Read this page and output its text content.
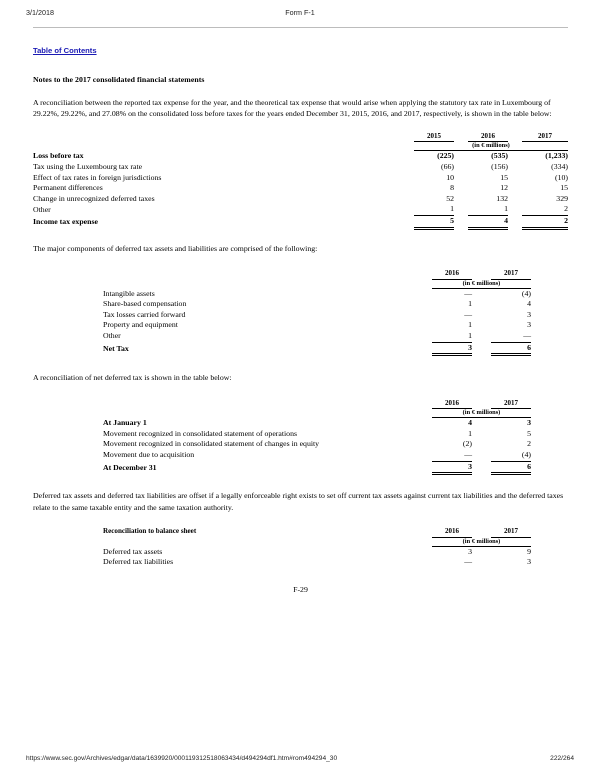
3/1/2018	Form F-1
Table of Contents
Notes to the 2017 consolidated financial statements

A reconciliation between the reported tax expense for the year, and the theoretical tax expense that would arise when applying the statutory tax rate in Luxembourg of 29.22%, 29.22%, and 27.08% on the consolidated loss before taxes for the years ended December 31, 2015, 2016, and 2017, respectively, is shown in the table below:

		2015		2016		2017
		(in € millions)				
Loss before tax		(225)		(535)		(1,233)
Tax using the Luxembourg tax rate		(66)		(156)		(334)
Effect of tax rates in foreign jurisdictions		10		15		(10)
Permanent differences		8		12		15
Change in unrecognized deferred taxes		52		132		329
Other		1		1		2
Income tax expense		5		4		2

The major components of deferred tax assets and liabilities are comprised of the following:

		2016		2017
		(in € millions)		
Intangible assets		—		(4)
Share-based compensation		1		4
Tax losses carried forward		—		3
Property and equipment		1		3
Other		1		—
Net Tax		3		6

A reconciliation of net deferred tax is shown in the table below:

		2016		2017
		(in € millions)		
At January 1		4		3
Movement recognized in consolidated statement of operations		1		5
Movement recognized in consolidated statement of changes in equity		(2)		2
Movement due to acquisition		—		(4)
At December 31		3		6

Deferred tax assets and deferred tax liabilities are offset if a legally enforceable right exists to set off current tax assets against current tax liabilities and the deferred taxes relate to the same taxable entity and the same taxation authority.

Reconciliation to balance sheet		2016		2017
		(in € millions)		
Deferred tax assets		3		9
Deferred tax liabilities		—		3
F-29
https://www.sec.gov/Archives/edgar/data/1639920/000119312518063434/d494294df1.htm#rom494294_30	222/264
